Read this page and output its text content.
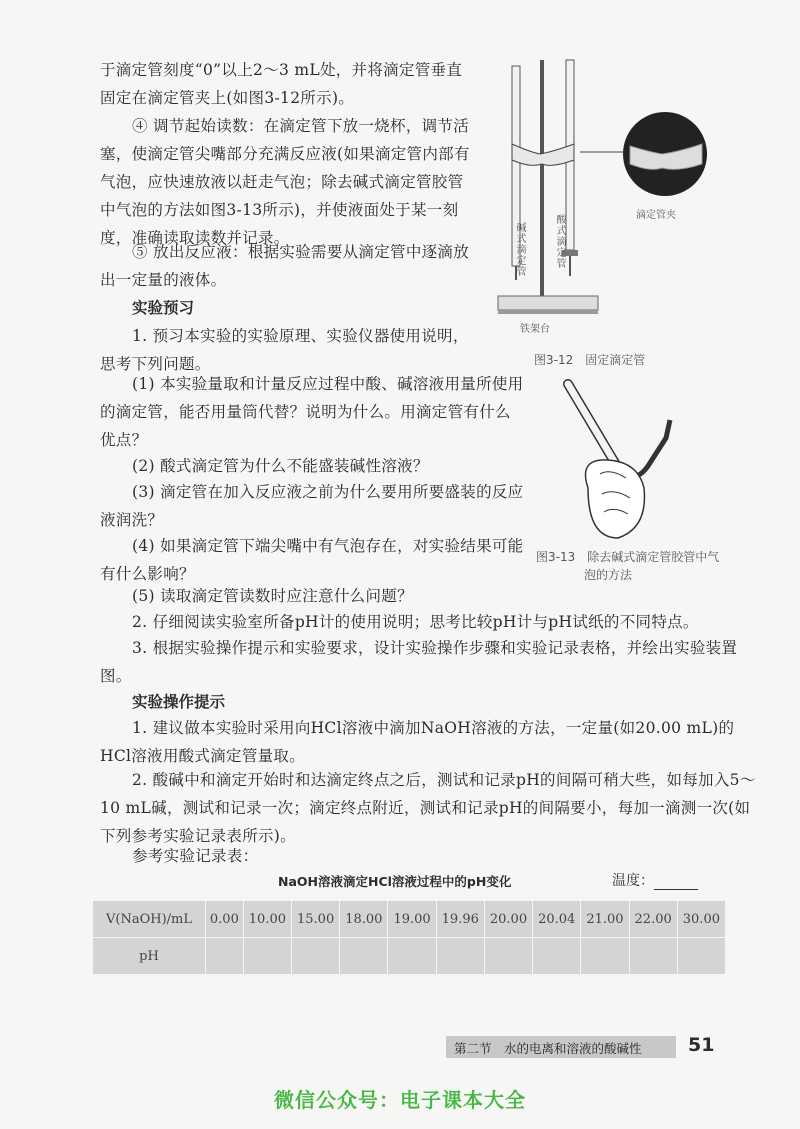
于滴定管刻度“0”以上2～3 mL处，并将滴定管垂直固定在滴定管夹上(如图3-12所示)。

④ 调节起始读数：在滴定管下放一烧杯，调节活塞，使滴定管尖嘴部分充满反应液(如果滴定管内部有气泡，应快速放液以赶走气泡；除去碱式滴定管胶管中气泡的方法如图3-13所示)，并使液面处于某一刻度，准确读取读数并记录。

⑤ 放出反应液：根据实验需要从滴定管中逐滴放出一定量的液体。

实验预习

1. 预习本实验的实验原理、实验仪器使用说明，思考下列问题。

(1) 本实验量取和计量反应过程中酸、碱溶液用量所使用的滴定管，能否用量筒代替？说明为什么。用滴定管有什么优点？

(2) 酸式滴定管为什么不能盛装碱性溶液？

(3) 滴定管在加入反应液之前为什么要用所要盛装的反应液润洗？

(4) 如果滴定管下端尖嘴中有气泡存在，对实验结果可能有什么影响？

(5) 读取滴定管读数时应注意什么问题？

2. 仔细阅读实验室所备pH计的使用说明；思考比较pH计与pH试纸的不同特点。

3. 根据实验操作提示和实验要求，设计实验操作步骤和实验记录表格，并绘出实验装置图。

实验操作提示

1. 建议做本实验时采用向HCl溶液中滴加NaOH溶液的方法，一定量(如20.00 mL)的HCl溶液用酸式滴定管量取。

2. 酸碱中和滴定开始时和达滴定终点之后，测试和记录pH的间隔可稍大些，如每加入5～10 mL碱，测试和记录一次；滴定终点附近，测试和记录pH的间隔要小，每加一滴测一次(如下列参考实验记录表所示)。

参考实验记录表：

碱式滴定管	酸式滴定管	滴定管夹
铁架台
图3-12　固定滴定管
图3-13　除去碱式滴定管胶管中气
泡的方法
NaOH溶液滴定HCl溶液过程中的pH变化	温度：
V(NaOH)/mL	0.00	10.00	15.00	18.00	19.00	19.96	20.00	20.04	21.00	22.00	30.00
pH											
第二节　水的电离和溶液的酸碱性 51
微信公众号：电子课本大全
